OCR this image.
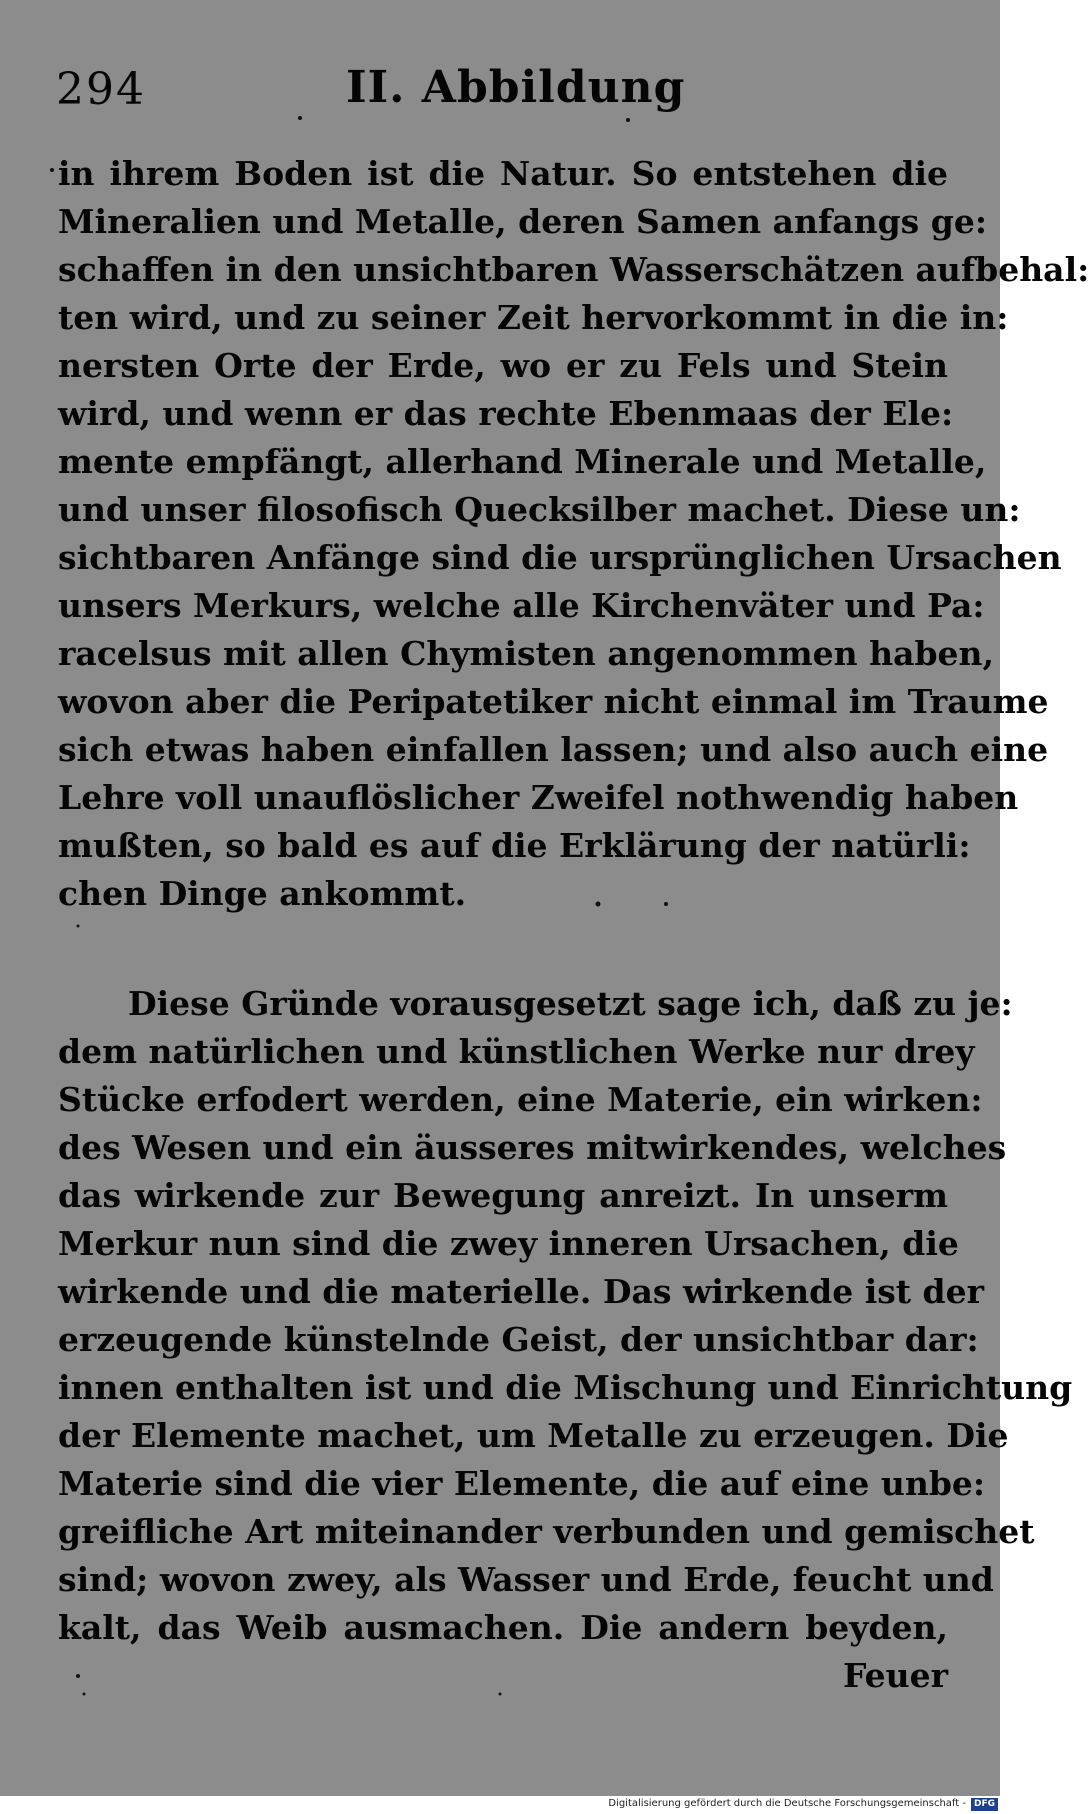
294	II. Abbildung
in ihrem Boden ist die Natur. So entstehen die
Mineralien und Metalle, deren Samen anfangs ge:
schaffen in den unsichtbaren Wasserschätzen aufbehal:
ten wird, und zu seiner Zeit hervorkommt in die in:
nersten Orte der Erde, wo er zu Fels und Stein
wird, und wenn er das rechte Ebenmaas der Ele:
mente empfängt, allerhand Minerale und Metalle,
und unser filosofisch Quecksilber machet. Diese un:
sichtbaren Anfänge sind die ursprünglichen Ursachen
unsers Merkurs, welche alle Kirchenväter und Pa:
racelsus mit allen Chymisten angenommen haben,
wovon aber die Peripatetiker nicht einmal im Traume
sich etwas haben einfallen lassen; und also auch eine
Lehre voll unauflöslicher Zweifel nothwendig haben
mußten, so bald es auf die Erklärung der natürli:
chen Dinge ankommt.
Diese Gründe vorausgesetzt sage ich, daß zu je:
dem natürlichen und künstlichen Werke nur drey
Stücke erfodert werden, eine Materie, ein wirken:
des Wesen und ein äusseres mitwirkendes, welches
das wirkende zur Bewegung anreizt. In unserm
Merkur nun sind die zwey inneren Ursachen, die
wirkende und die materielle. Das wirkende ist der
erzeugende künstelnde Geist, der unsichtbar dar:
innen enthalten ist und die Mischung und Einrichtung
der Elemente machet, um Metalle zu erzeugen. Die
Materie sind die vier Elemente, die auf eine unbe:
greifliche Art miteinander verbunden und gemischet
sind; wovon zwey, als Wasser und Erde, feucht und
kalt, das Weib ausmachen. Die andern beyden,
Feuer
Digitalisierung gefördert durch die Deutsche Forschungsgemeinschaft - DFG
